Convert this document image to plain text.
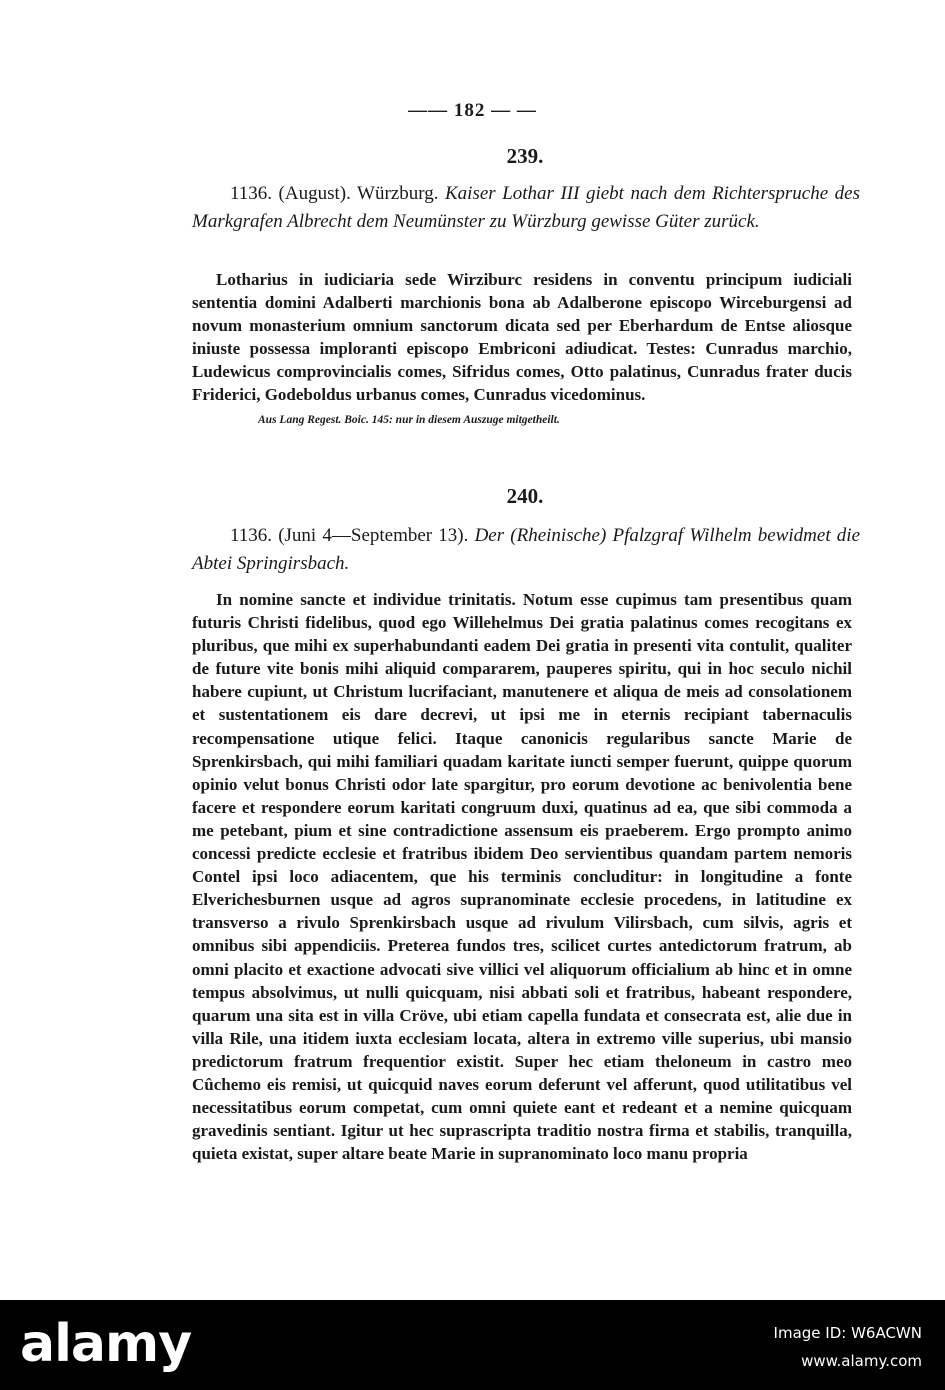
—— 182 — —
239.
1136. (August). Würzburg. Kaiser Lothar III giebt nach dem Richterspruche des Markgrafen Albrecht dem Neumünster zu Würzburg gewisse Güter zurück.
Lotharius in iudiciaria sede Wirziburc residens in conventu principum iudiciali sententia domini Adalberti marchionis bona ab Adalberone episcopo Wirceburgensi ad novum monasterium omnium sanctorum dicata sed per Eberhardum de Entse aliosque iniuste possessa imploranti episcopo Embriconi adiudicat. Testes: Cunradus marchio, Ludewicus comprovincialis comes, Sifridus comes, Otto palatinus, Cunradus frater ducis Friderici, Godeboldus urbanus comes, Cunradus vicedominus.
Aus Lang Regest. Boic. 145: nur in diesem Auszuge mitgetheilt.
240.
1136. (Juni 4—September 13). Der (Rheinische) Pfalzgraf Wilhelm bewidmet die Abtei Springirsbach.
In nomine sancte et individue trinitatis. Notum esse cupimus tam presentibus quam futuris Christi fidelibus, quod ego Willehelmus Dei gratia palatinus comes recogitans ex pluribus, que mihi ex superhabundanti eadem Dei gratia in presenti vita contulit, qualiter de future vite bonis mihi aliquid compararem, pauperes spiritu, qui in hoc seculo nichil habere cupiunt, ut Christum lucrifaciant, manutenere et aliqua de meis ad consolationem et sustentationem eis dare decrevi, ut ipsi me in eternis recipiant tabernaculis recompensatione utique felici. Itaque canonicis regularibus sancte Marie de Sprenkirsbach, qui mihi familiari quadam karitate iuncti semper fuerunt, quippe quorum opinio velut bonus Christi odor late spargitur, pro eorum devotione ac benivolentia bene facere et respondere eorum karitati congruum duxi, quatinus ad ea, que sibi commoda a me petebant, pium et sine contradictione assensum eis praeberem. Ergo prompto animo concessi predicte ecclesie et fratribus ibidem Deo servientibus quandam partem nemoris Contel ipsi loco adiacentem, que his terminis concluditur: in longitudine a fonte Elverichesburnen usque ad agros supranominate ecclesie procedens, in latitudine ex transverso a rivulo Sprenkirsbach usque ad rivulum Vilirsbach, cum silvis, agris et omnibus sibi appendiciis. Preterea fundos tres, scilicet curtes antedictorum fratrum, ab omni placito et exactione advocati sive villici vel aliquorum officialium ab hinc et in omne tempus absolvimus, ut nulli quicquam, nisi abbati soli et fratribus, habeant respondere, quarum una sita est in villa Cröve, ubi etiam capella fundata et consecrata est, alie due in villa Rile, una itidem iuxta ecclesiam locata, altera in extremo ville superius, ubi mansio predictorum fratrum frequentior existit. Super hec etiam theloneum in castro meo Cûchemo eis remisi, ut quicquid naves eorum deferunt vel afferunt, quod utilitatibus vel necessitatibus eorum competat, cum omni quiete eant et redeant et a nemine quicquam gravedinis sentiant. Igitur ut hec suprascripta traditio nostra firma et stabilis, tranquilla, quieta existat, super altare beate Marie in supranominato loco manu propria
alamy	Image ID: W6ACWN
www.alamy.com
